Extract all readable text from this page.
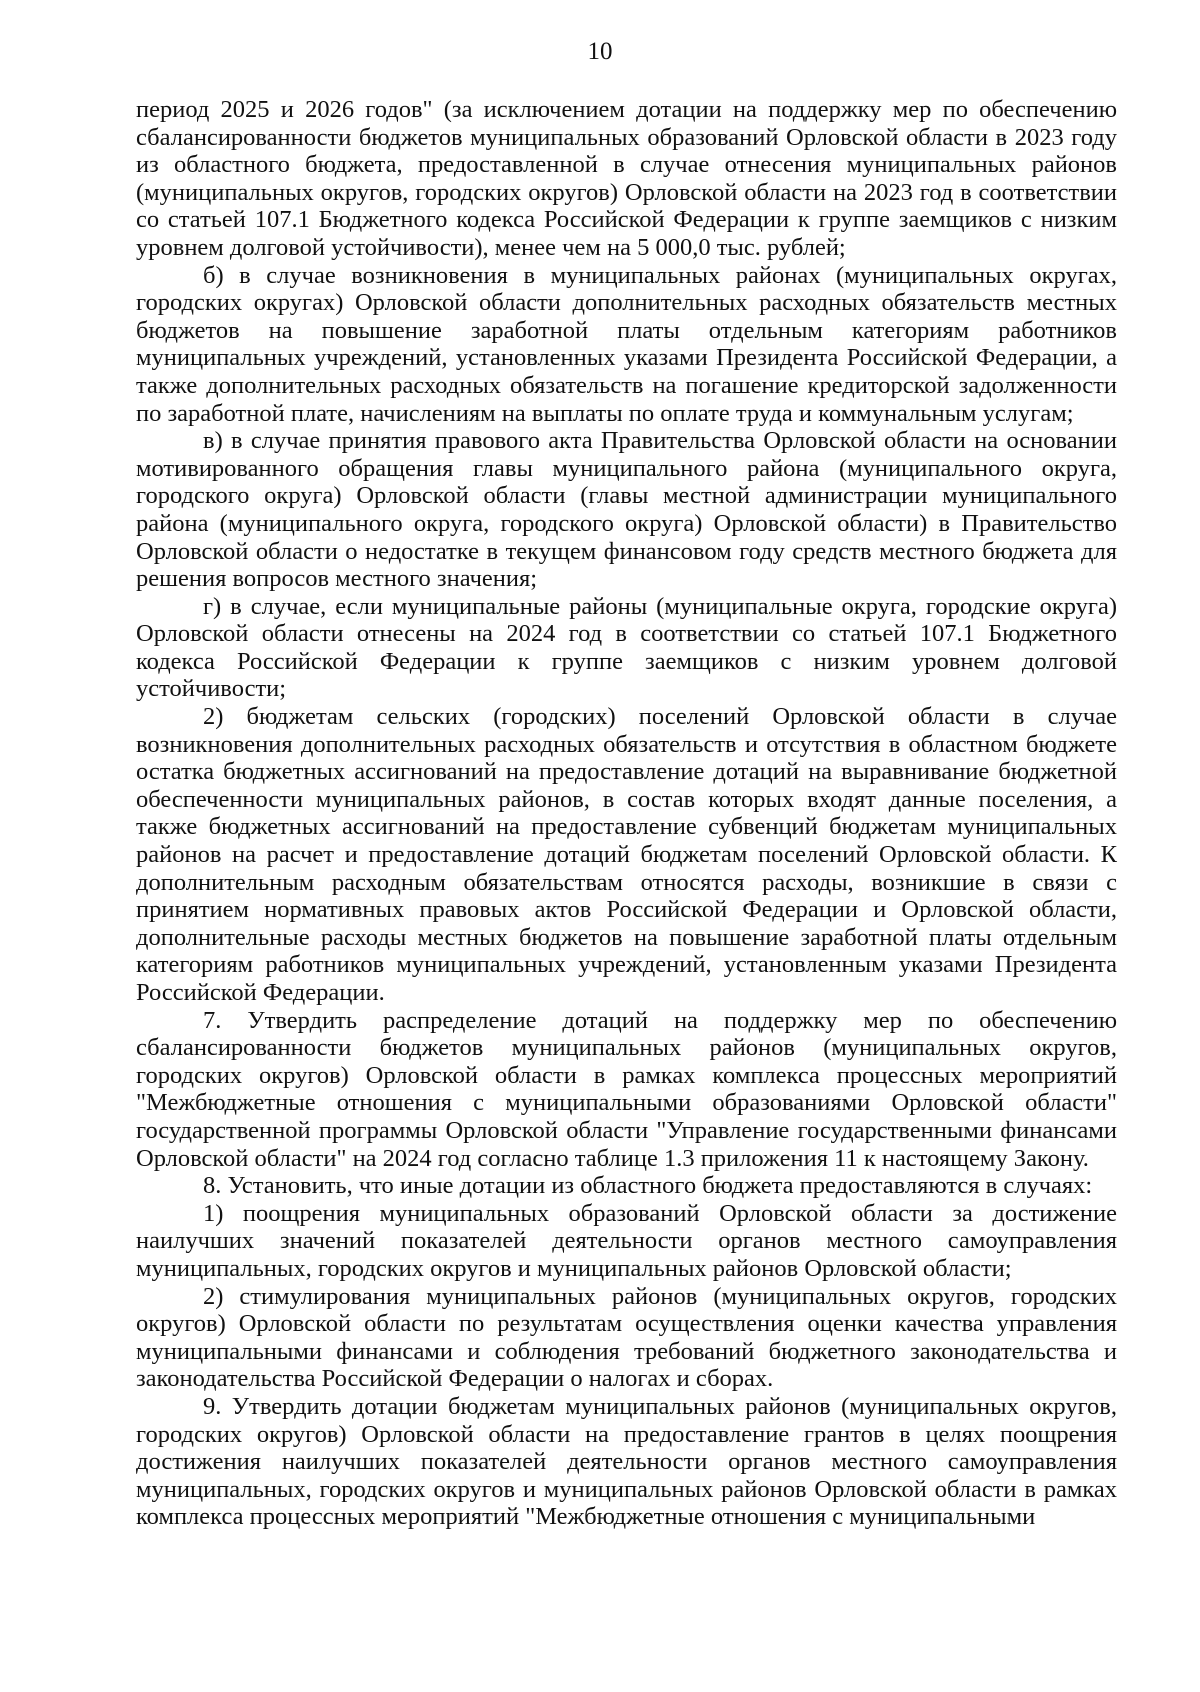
10

период 2025 и 2026 годов" (за исключением дотации на поддержку мер по обеспечению сбалансированности бюджетов муниципальных образований Орловской области в 2023 году из областного бюджета, предоставленной в случае отнесения муниципальных районов (муниципальных округов, городских округов) Орловской области на 2023 год в соответствии со статьей 107.1 Бюджетного кодекса Российской Федерации к группе заемщиков с низким уровнем долговой устойчивости), менее чем на 5 000,0 тыс. рублей;

б) в случае возникновения в муниципальных районах (муниципальных округах, городских округах) Орловской области дополнительных расходных обязательств местных бюджетов на повышение заработной платы отдельным категориям работников муниципальных учреждений, установленных указами Президента Российской Федерации, а также дополнительных расходных обязательств на погашение кредиторской задолженности по заработной плате, начислениям на выплаты по оплате труда и коммунальным услугам;

в) в случае принятия правового акта Правительства Орловской области на основании мотивированного обращения главы муниципального района (муниципального округа, городского округа) Орловской области (главы местной администрации муниципального района (муниципального округа, городского округа) Орловской области) в Правительство Орловской области о недостатке в текущем финансовом году средств местного бюджета для решения вопросов местного значения;

г) в случае, если муниципальные районы (муниципальные округа, городские округа) Орловской области отнесены на 2024 год в соответствии со статьей 107.1 Бюджетного кодекса Российской Федерации к группе заемщиков с низким уровнем долговой устойчивости;

2) бюджетам сельских (городских) поселений Орловской области в случае возникновения дополнительных расходных обязательств и отсутствия в областном бюджете остатка бюджетных ассигнований на предоставление дотаций на выравнивание бюджетной обеспеченности муниципальных районов, в состав которых входят данные поселения, а также бюджетных ассигнований на предоставление субвенций бюджетам муниципальных районов на расчет и предоставление дотаций бюджетам поселений Орловской области. К дополнительным расходным обязательствам относятся расходы, возникшие в связи с принятием нормативных правовых актов Российской Федерации и Орловской области, дополнительные расходы местных бюджетов на повышение заработной платы отдельным категориям работников муниципальных учреждений, установленным указами Президента Российской Федерации.

7. Утвердить распределение дотаций на поддержку мер по обеспечению сбалансированности бюджетов муниципальных районов (муниципальных округов, городских округов) Орловской области в рамках комплекса процессных мероприятий "Межбюджетные отношения с муниципальными образованиями Орловской области" государственной программы Орловской области "Управление государственными финансами Орловской области" на 2024 год согласно таблице 1.3 приложения 11 к настоящему Закону.

8. Установить, что иные дотации из областного бюджета предоставляются в случаях:

1) поощрения муниципальных образований Орловской области за достижение наилучших значений показателей деятельности органов местного самоуправления муниципальных, городских округов и муниципальных районов Орловской области;

2) стимулирования муниципальных районов (муниципальных округов, городских округов) Орловской области по результатам осуществления оценки качества управления муниципальными финансами и соблюдения требований бюджетного законодательства и законодательства Российской Федерации о налогах и сборах.

9. Утвердить дотации бюджетам муниципальных районов (муниципальных округов, городских округов) Орловской области на предоставление грантов в целях поощрения достижения наилучших показателей деятельности органов местного самоуправления муниципальных, городских округов и муниципальных районов Орловской области в рамках комплекса процессных мероприятий "Межбюджетные отношения с муниципальными
